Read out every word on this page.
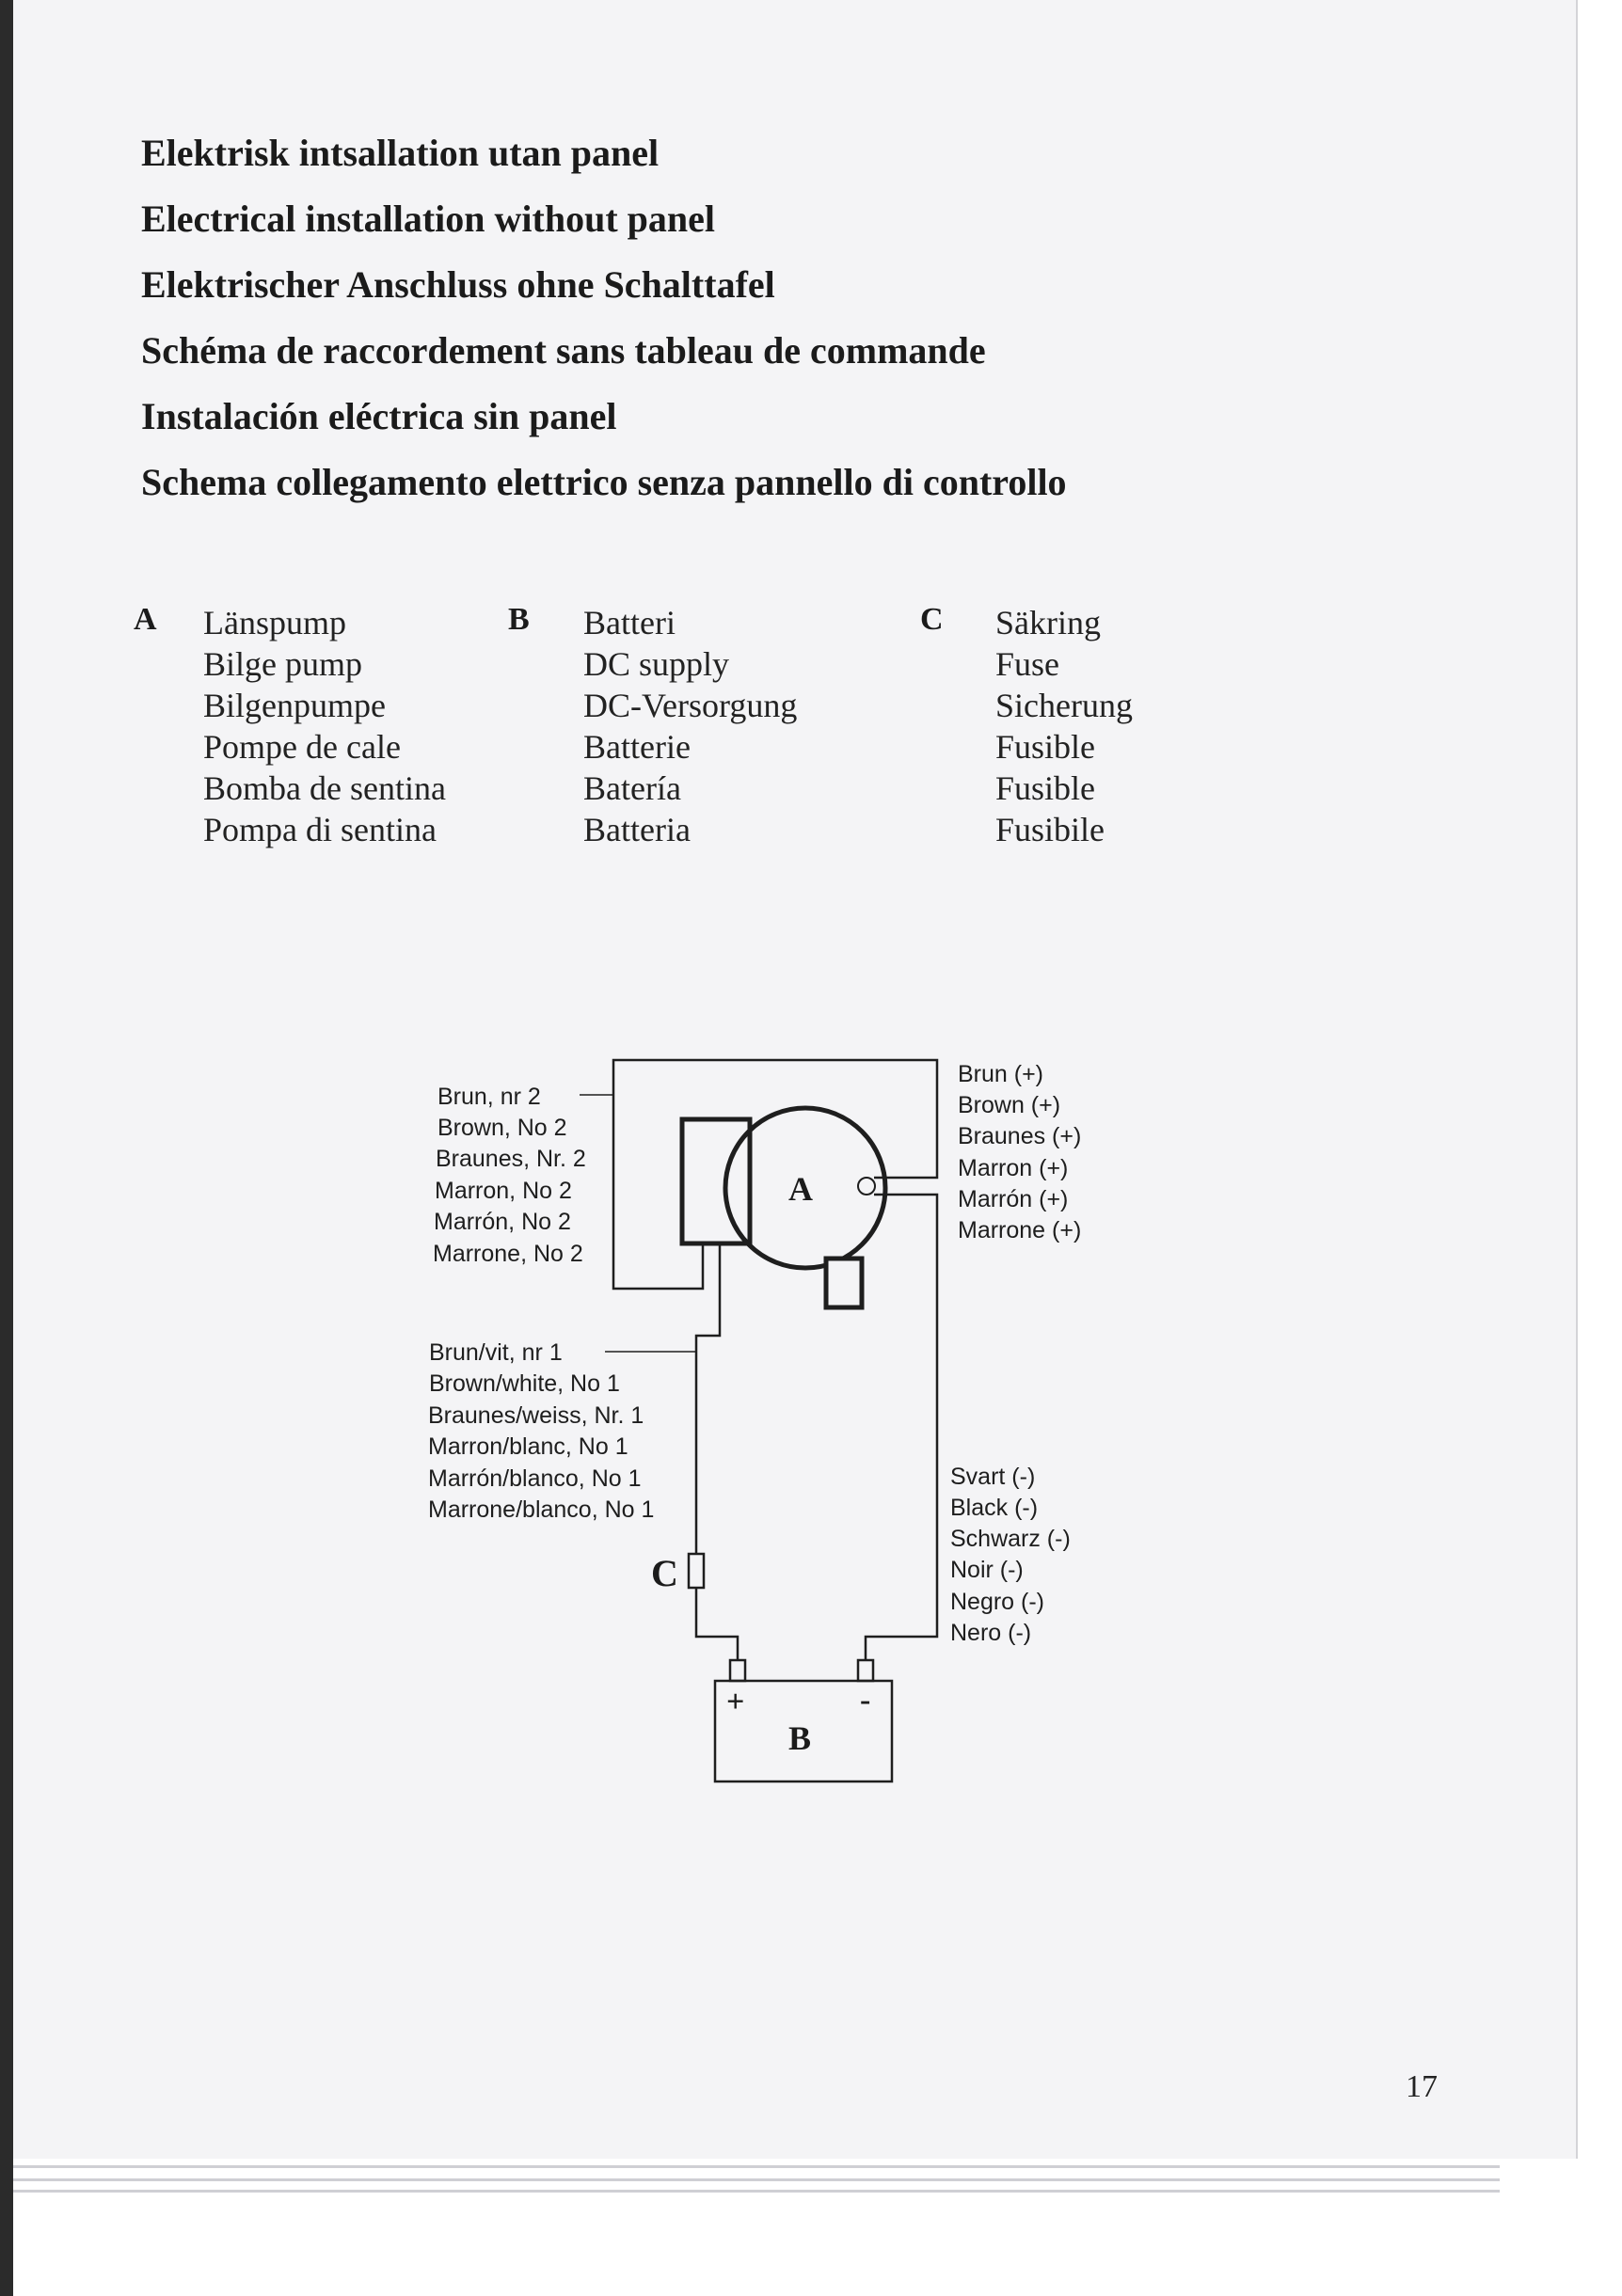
Elektrisk intsallation utan panel
Electrical installation without panel
Elektrischer Anschluss ohne Schalttafel
Schéma de raccordement sans tableau de commande
Instalación eléctrica sin panel
Schema collegamento elettrico senza pannello di controllo
A Länspump
Bilge pump
Bilgenpumpe
Pompe de cale
Bomba de sentina
Pompa di sentina
B Batteri
DC supply
DC-Versorgung
Batterie
Batería
Batteria
C Säkring
Fuse
Sicherung
Fusible
Fusible
Fusibile
A
B
C
+	-
Brun, nr 2
Brown, No 2
Braunes, Nr. 2
Marron, No 2
Marrón, No 2
Marrone, No 2
Brun/vit, nr 1
Brown/white, No 1
Braunes/weiss, Nr. 1
Marron/blanc, No 1
Marrón/blanco, No 1
Marrone/blanco, No 1
Brun (+)
Brown (+)
Braunes (+)
Marron (+)
Marrón (+)
Marrone (+)
Svart (-)
Black (-)
Schwarz (-)
Noir (-)
Negro (-)
Nero (-)
17
